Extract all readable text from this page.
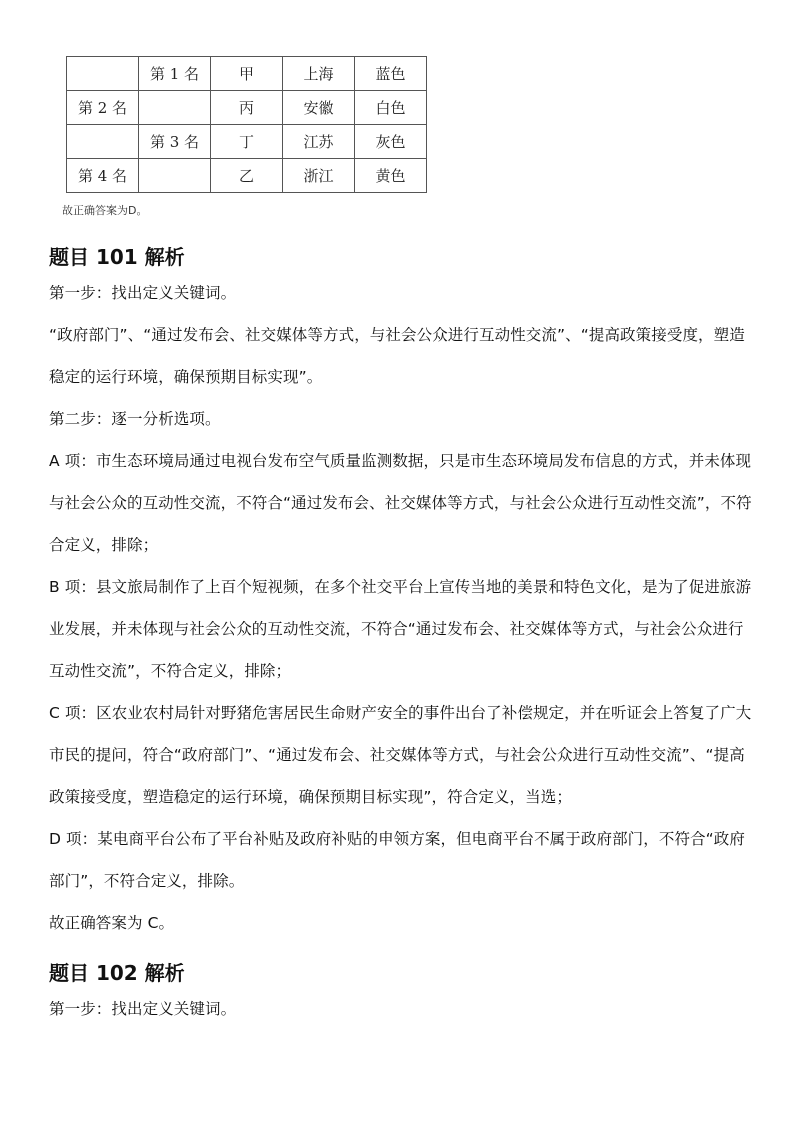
	第 1 名	甲	上海	蓝色
第 2 名		丙	安徽	白色
	第 3 名	丁	江苏	灰色
第 4 名		乙	浙江	黄色
故正确答案为D。
题目 101 解析

第一步：找出定义关键词。

“政府部门”、“通过发布会、社交媒体等方式，与社会公众进行互动性交流”、“提高政策接受度，塑造稳定的运行环境，确保预期目标实现”。

第二步：逐一分析选项。

A 项：市生态环境局通过电视台发布空气质量监测数据，只是市生态环境局发布信息的方式，并未体现与社会公众的互动性交流，不符合“通过发布会、社交媒体等方式，与社会公众进行互动性交流”，不符合定义，排除；

B 项：县文旅局制作了上百个短视频，在多个社交平台上宣传当地的美景和特色文化，是为了促进旅游业发展，并未体现与社会公众的互动性交流，不符合“通过发布会、社交媒体等方式，与社会公众进行互动性交流”，不符合定义，排除；

C 项：区农业农村局针对野猪危害居民生命财产安全的事件出台了补偿规定，并在听证会上答复了广大市民的提问，符合“政府部门”、“通过发布会、社交媒体等方式，与社会公众进行互动性交流”、“提高政策接受度，塑造稳定的运行环境，确保预期目标实现”，符合定义，当选；

D 项：某电商平台公布了平台补贴及政府补贴的申领方案，但电商平台不属于政府部门，不符合“政府部门”，不符合定义，排除。

故正确答案为 C。

题目 102 解析

第一步：找出定义关键词。
